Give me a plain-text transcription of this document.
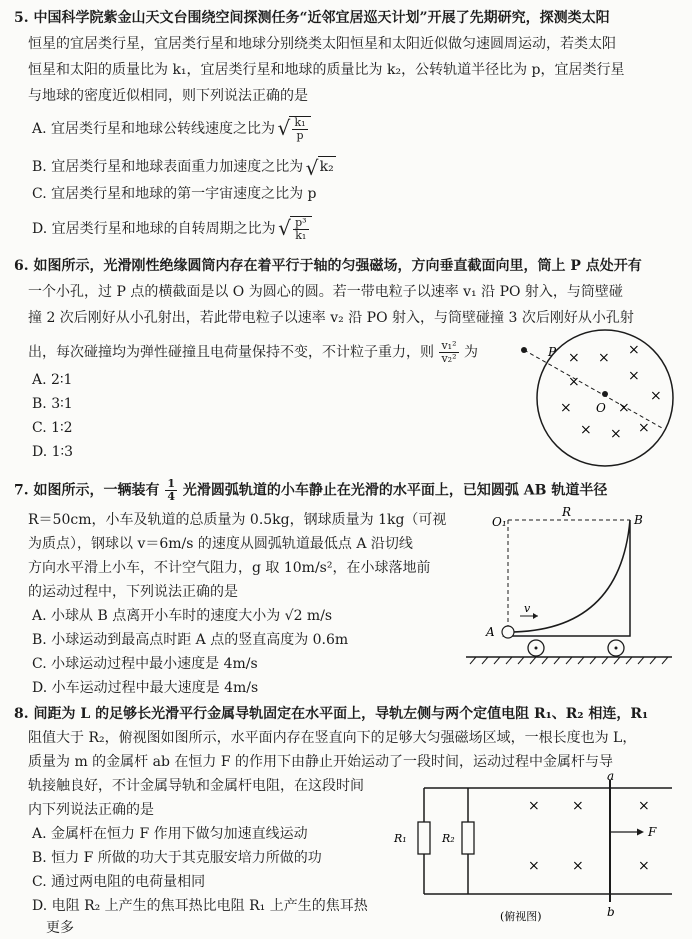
5. 中国科学院紫金山天文台围绕空间探测任务“近邻宜居巡天计划”开展了先期研究，探测类太阳
恒星的宜居类行星，宜居类行星和地球分别绕类太阳恒星和太阳近似做匀速圆周运动，若类太阳
恒星和太阳的质量比为 k₁，宜居类行星和地球的质量比为 k₂，公转轨道半径比为 p，宜居类行星
与地球的密度近似相同，则下列说法正确的是
A. 宜居类行星和地球公转线速度之比为 √ $\frac{\text{k₁}}{p}$
B. 宜居类行星和地球表面重力加速度之比为 √ k₂
C. 宜居类行星和地球的第一宇宙速度之比为 p
D. 宜居类行星和地球的自转周期之比为 √ $\frac{\text{p³}}{\text{k₁}}$
6. 如图所示，光滑刚性绝缘圆筒内存在着平行于轴的匀强磁场，方向垂直截面向里，筒上 P 点处开有
一个小孔，过 P 点的横截面是以 O 为圆心的圆。若一带电粒子以速率 v₁ 沿 PO 射入，与筒壁碰
撞 2 次后刚好从小孔射出，若此带电粒子以速率 v₂ 沿 PO 射入，与筒壁碰撞 3 次后刚好从小孔射
出，每次碰撞均为弹性碰撞且电荷量保持不变，不计粒子重力，则 $\frac{\text{v₁²}}{\text{v₂²}}$ 为
A. 2∶1
B. 3∶1
C. 1∶2
D. 1∶3
P
O
× × ×
×	×
×
×	×
× × ×
7. 如图所示，一辆装有 $\frac{1}{4}$ 光滑圆弧轨道的小车静止在光滑的水平面上，已知圆弧 AB 轨道半径
R＝50cm，小车及轨道的总质量为 0.5kg，钢球质量为 1kg（可视
为质点），钢球以 v＝6m/s 的速度从圆弧轨道最低点 A 沿切线
方向水平滑上小车，不计空气阻力，g 取 10m/s²，在小球落地前
的运动过程中，下列说法正确的是
A. 小球从 B 点离开小车时的速度大小为 √2 m/s
B. 小球运动到最高点时距 A 点的竖直高度为 0.6m
C. 小球运动过程中最小速度是 4m/s
D. 小车运动过程中最大速度是 4m/s
O₁
R
B
A
v
8. 间距为 L 的足够长光滑平行金属导轨固定在水平面上，导轨左侧与两个定值电阻 R₁、R₂ 相连，R₁
阻值大于 R₂，俯视图如图所示，水平面内存在竖直向下的足够大匀强磁场区域，一根长度也为 L，
质量为 m 的金属杆 ab 在恒力 F 的作用下由静止开始运动了一段时间，运动过程中金属杆与导
轨接触良好，不计金属导轨和金属杆电阻，在这段时间
内下列说法正确的是
A. 金属杆在恒力 F 作用下做匀加速直线运动
B. 恒力 F 所做的功大于其克服安培力所做的功
C. 通过两电阻的电荷量相同
D. 电阻 R₂ 上产生的焦耳热比电阻 R₁ 上产生的焦耳热
更多
R₁	R₂
a
b
F
× ×	×
× ×	×
(俯视图)
